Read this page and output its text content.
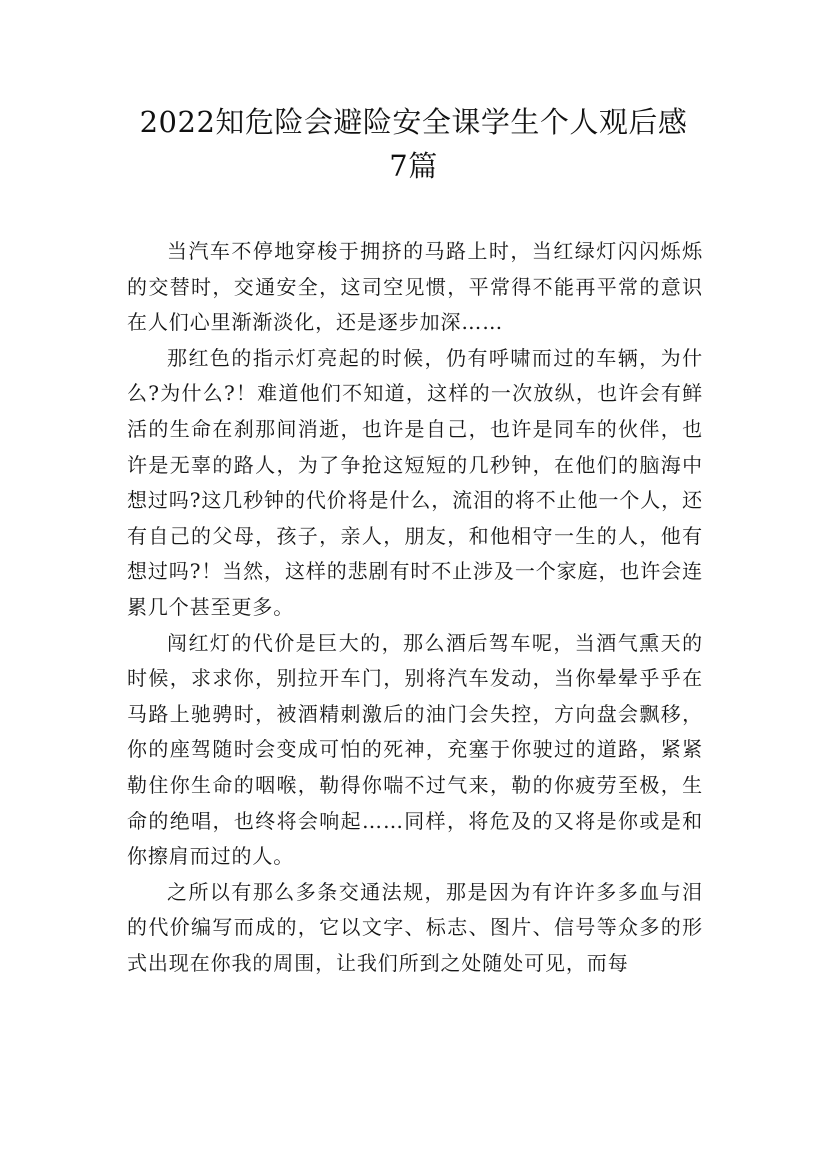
2022知危险会避险安全课学生个人观后感
7篇

当汽车不停地穿梭于拥挤的马路上时，当红绿灯闪闪烁烁的交替时，交通安全，这司空见惯，平常得不能再平常的意识在人们心里渐渐淡化，还是逐步加深……

那红色的指示灯亮起的时候，仍有呼啸而过的车辆，为什么?为什么?！难道他们不知道，这样的一次放纵，也许会有鲜活的生命在刹那间消逝，也许是自己，也许是同车的伙伴，也许是无辜的路人，为了争抢这短短的几秒钟，在他们的脑海中想过吗?这几秒钟的代价将是什么，流泪的将不止他一个人，还有自己的父母，孩子，亲人，朋友，和他相守一生的人，他有想过吗?！当然，这样的悲剧有时不止涉及一个家庭，也许会连累几个甚至更多。

闯红灯的代价是巨大的，那么酒后驾车呢，当酒气熏天的时候，求求你，别拉开车门，别将汽车发动，当你晕晕乎乎在马路上驰骋时，被酒精刺激后的油门会失控，方向盘会飘移，你的座驾随时会变成可怕的死神，充塞于你驶过的道路，紧紧勒住你生命的咽喉，勒得你喘不过气来，勒的你疲劳至极，生命的绝唱，也终将会响起……同样，将危及的又将是你或是和你擦肩而过的人。

之所以有那么多条交通法规，那是因为有许许多多血与泪的代价编写而成的，它以文字、标志、图片、信号等众多的形式出现在你我的周围，让我们所到之处随处可见，而每
